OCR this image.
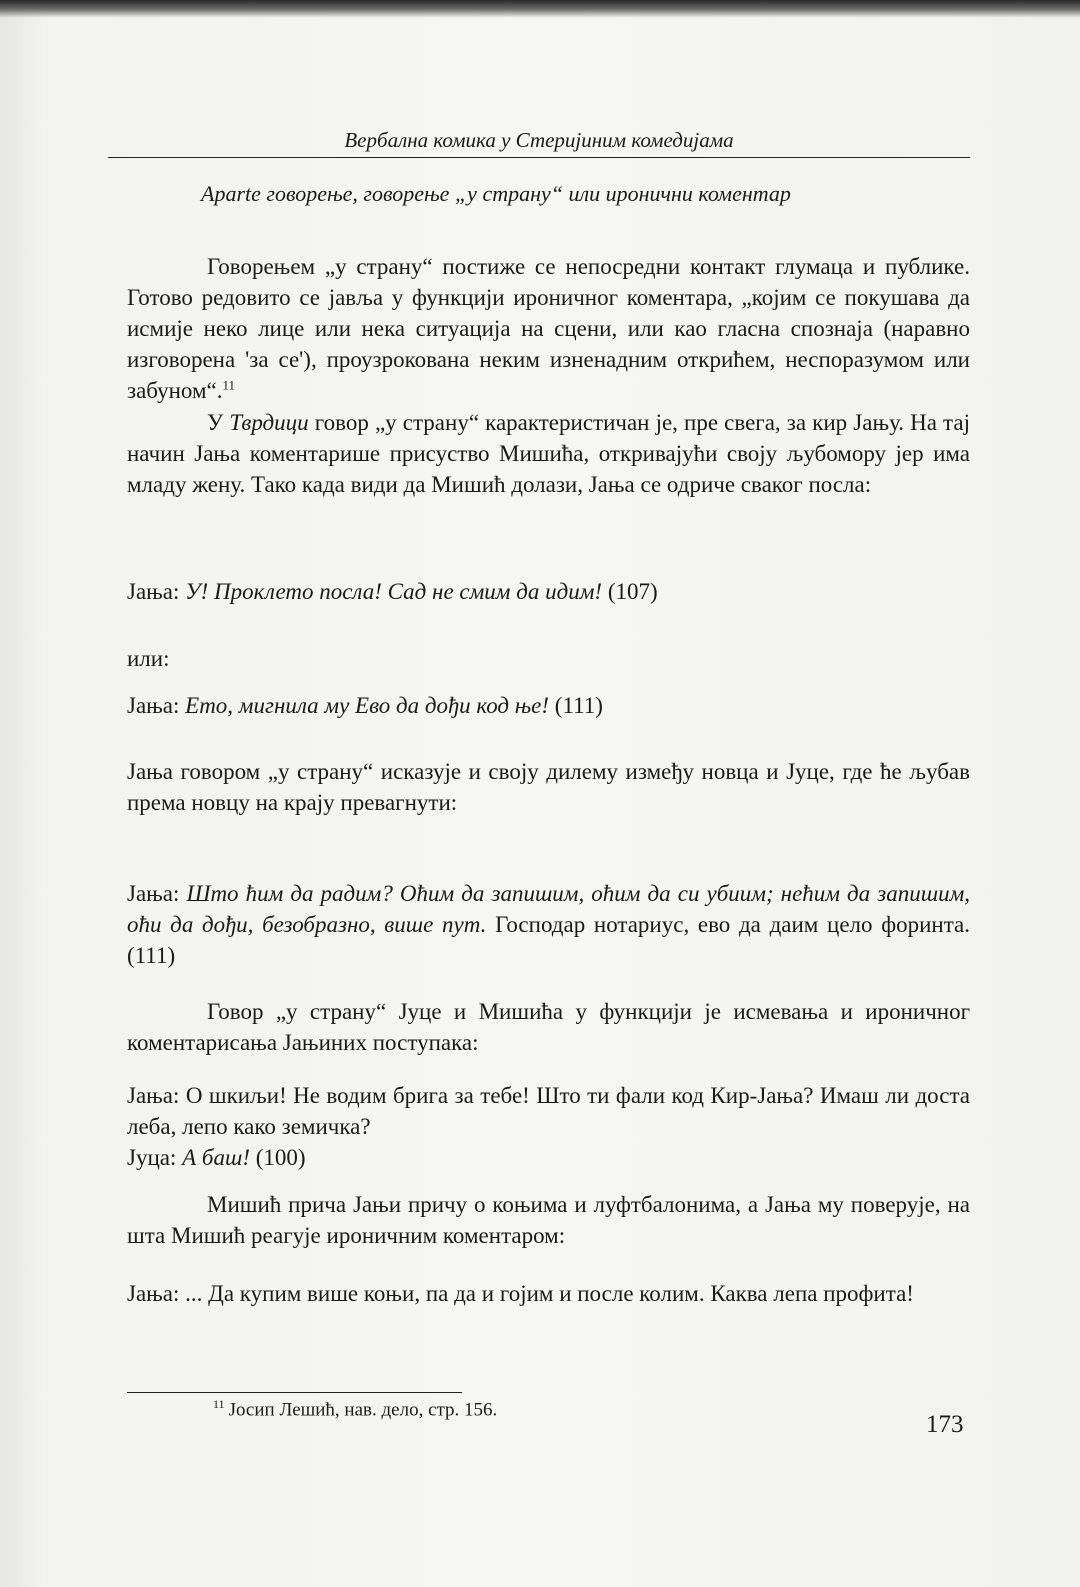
Вербална комика у Стеријиним комедијама
Aparte говорење, говорење „у страну“ или иронични коментар
Говорењем „у страну“ постиже се непосредни контакт глумаца и публике. Готово редовито се јавља у функцији ироничног коментара, „којим се покушава да исмије неко лице или нека ситуација на сцени, или као гласна спознаја (наравно изговорена 'за се'), проузрокована неким изненадним открићем, неспоразумом или забуном“.$^{11}$
У Тврдици говор „у страну“ карактеристичан је, пре свега, за кир Јању. На тај начин Јања коментарише присуство Мишића, откривајући своју љубомору јер има младу жену. Тако када види да Мишић долази, Јања се одриче сваког посла:
Јања: У! Проклето посла! Сад не смим да идим! (107)
или:
Јања: Ето, мигнила му Ево да дођи код ње! (111)
Јања говором „у страну“ исказује и своју дилему између новца и Јуце, где ће љубав према новцу на крају превагнути:
Јања: Што ћим да радим? Оћим да запишим, оћим да си убиим; нећим да запишим, оћи да дођи, безобразно, више пут. Господар нотариус, ево да даим цело форинта. (111)
Говор „у страну“ Јуце и Мишића у функцији је исмевања и ироничног коментарисања Јањиних поступака:
Јања: О шкиљи! Не водим брига за тебе! Што ти фали код Кир-Јања? Имаш ли доста леба, лепо како земичка?
Јуца: А баш! (100)
Мишић прича Јањи причу о коњима и луфтбалонима, а Јања му поверује, на шта Мишић реагује ироничним коментаром:
Јања: ... Да купим више коњи, па да и гојим и после колим. Каква лепа профита!
$^{11}$ Јосип Лешић, нав. дело, стр. 156.
173
